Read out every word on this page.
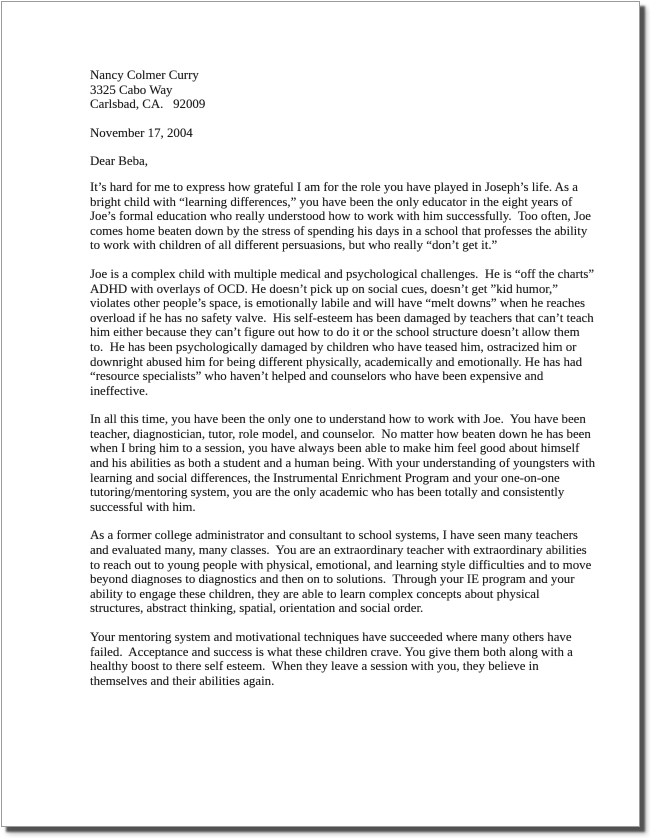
Nancy Colmer Curry
3325 Cabo Way
Carlsbad, CA.   92009
November 17, 2004
Dear Beba,

It’s hard for me to express how grateful I am for the role you have played in Joseph’s life. As a bright child with “learning differences,” you have been the only educator in the eight years of Joe’s formal education who really understood how to work with him successfully.  Too often, Joe comes home beaten down by the stress of spending his days in a school that professes the ability to work with children of all different persuasions, but who really “don’t get it.”

Joe is a complex child with multiple medical and psychological challenges.  He is “off the charts” ADHD with overlays of OCD. He doesn’t pick up on social cues, doesn’t get ”kid humor,” violates other people’s space, is emotionally labile and will have “melt downs” when he reaches overload if he has no safety valve.  His self-esteem has been damaged by teachers that can’t teach him either because they can’t figure out how to do it or the school structure doesn’t allow them to.  He has been psychologically damaged by children who have teased him, ostracized him or downright abused him for being different physically, academically and emotionally. He has had “resource specialists” who haven’t helped and counselors who have been expensive and ineffective.

In all this time, you have been the only one to understand how to work with Joe.  You have been teacher, diagnostician, tutor, role model, and counselor.  No matter how beaten down he has been when I bring him to a session, you have always been able to make him feel good about himself and his abilities as both a student and a human being. With your understanding of youngsters with learning and social differences, the Instrumental Enrichment Program and your one-on-one tutoring/mentoring system, you are the only academic who has been totally and consistently successful with him.

As a former college administrator and consultant to school systems, I have seen many teachers and evaluated many, many classes.  You are an extraordinary teacher with extraordinary abilities to reach out to young people with physical, emotional, and learning style difficulties and to move beyond diagnoses to diagnostics and then on to solutions.  Through your IE program and your ability to engage these children, they are able to learn complex concepts about physical structures, abstract thinking, spatial, orientation and social order.

Your mentoring system and motivational techniques have succeeded where many others have failed.  Acceptance and success is what these children crave. You give them both along with a healthy boost to there self esteem.  When they leave a session with you, they believe in themselves and their abilities again.
